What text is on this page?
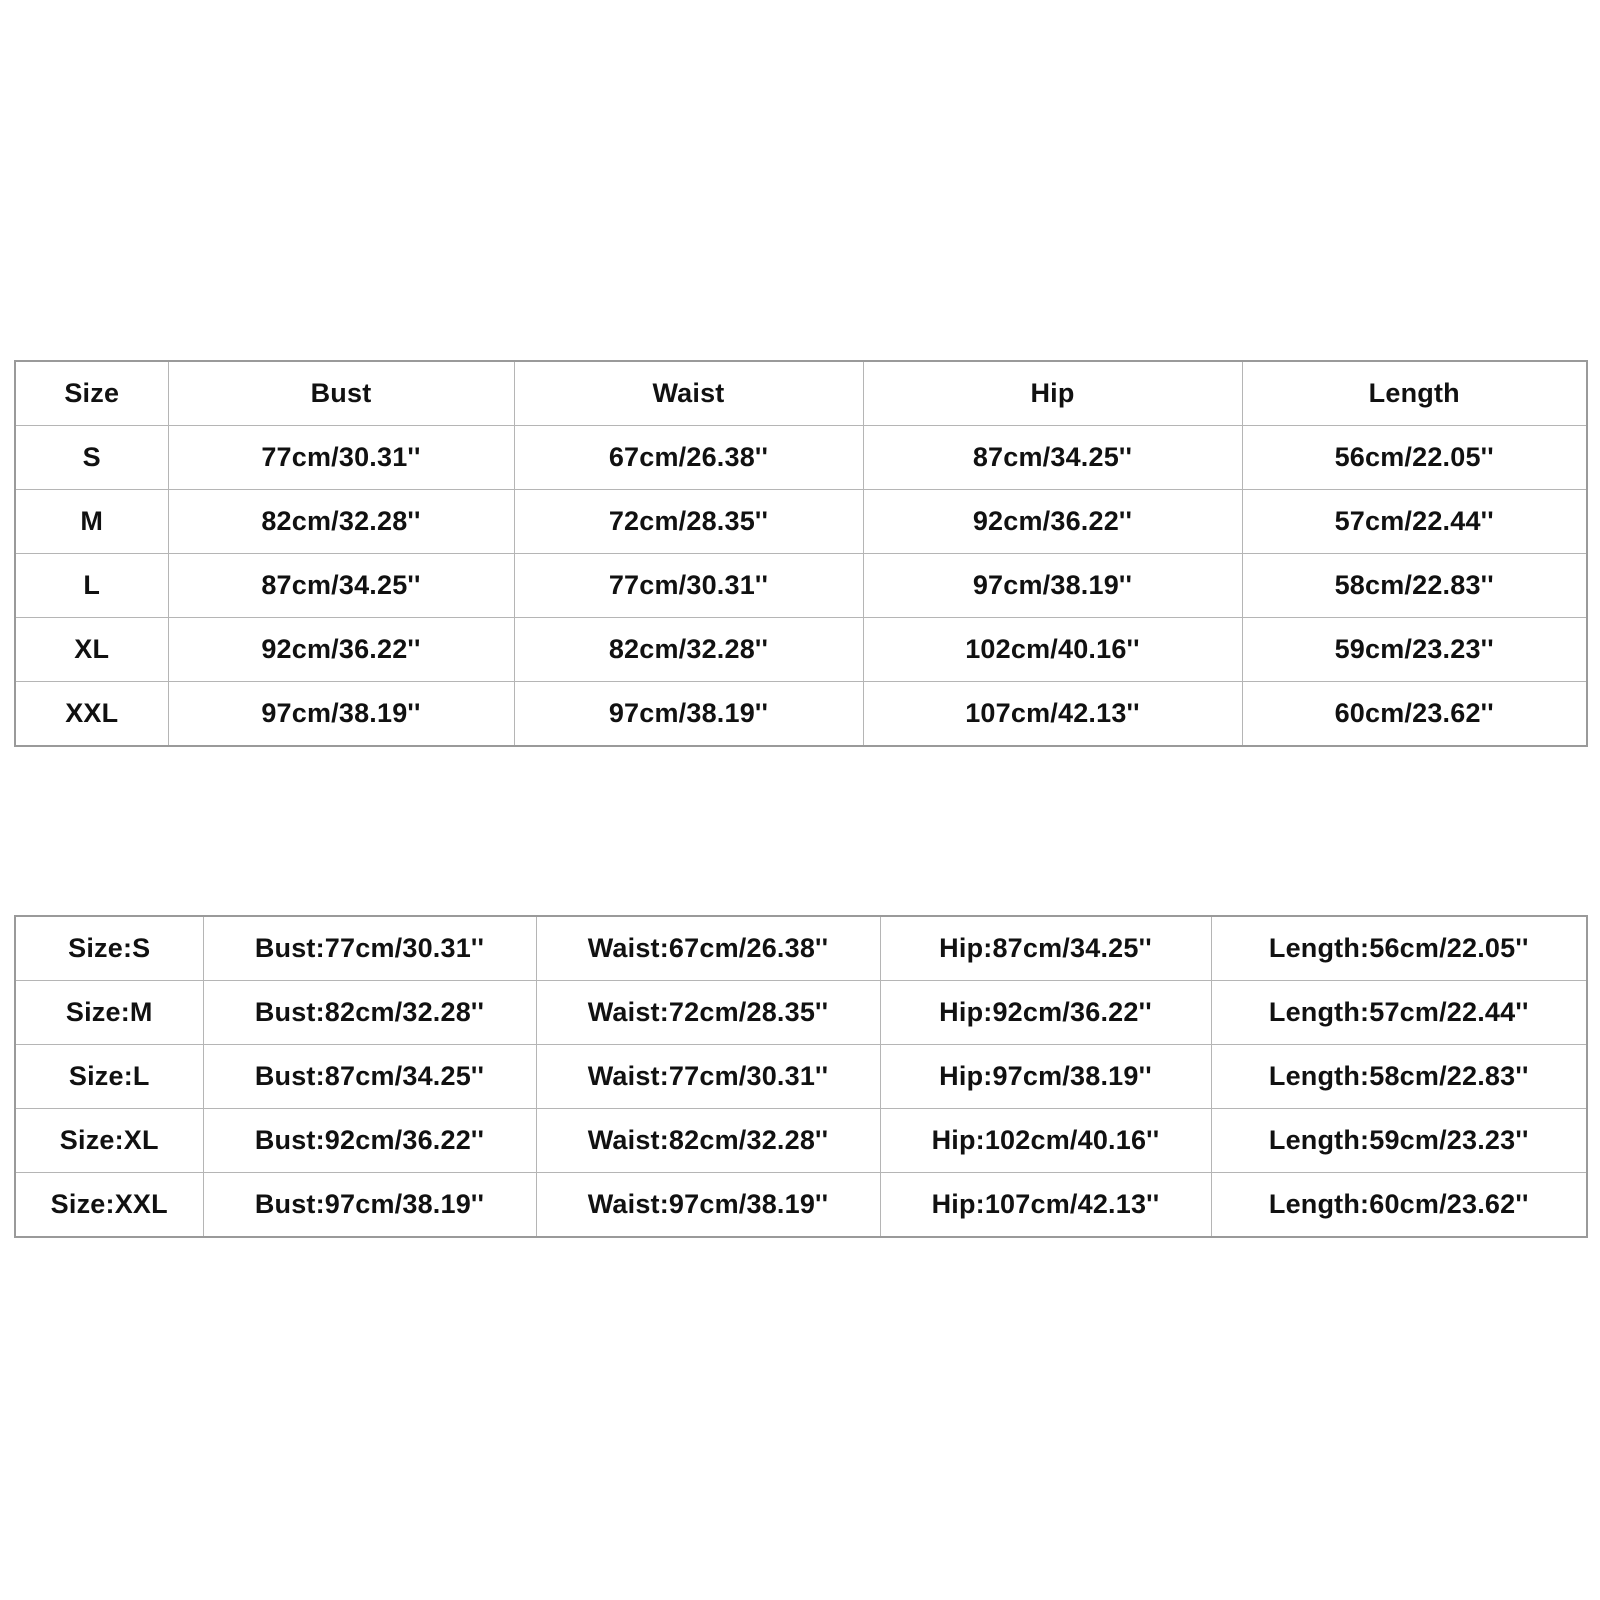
Size	Bust	Waist	Hip	Length
S	77cm/30.31''	67cm/26.38''	87cm/34.25''	56cm/22.05''
M	82cm/32.28''	72cm/28.35''	92cm/36.22''	57cm/22.44''
L	87cm/34.25''	77cm/30.31''	97cm/38.19''	58cm/22.83''
XL	92cm/36.22''	82cm/32.28''	102cm/40.16''	59cm/23.23''
XXL	97cm/38.19''	97cm/38.19''	107cm/42.13''	60cm/23.62''
Size:S	Bust:77cm/30.31''	Waist:67cm/26.38''	Hip:87cm/34.25''	Length:56cm/22.05''
Size:M	Bust:82cm/32.28''	Waist:72cm/28.35''	Hip:92cm/36.22''	Length:57cm/22.44''
Size:L	Bust:87cm/34.25''	Waist:77cm/30.31''	Hip:97cm/38.19''	Length:58cm/22.83''
Size:XL	Bust:92cm/36.22''	Waist:82cm/32.28''	Hip:102cm/40.16''	Length:59cm/23.23''
Size:XXL	Bust:97cm/38.19''	Waist:97cm/38.19''	Hip:107cm/42.13''	Length:60cm/23.62''
